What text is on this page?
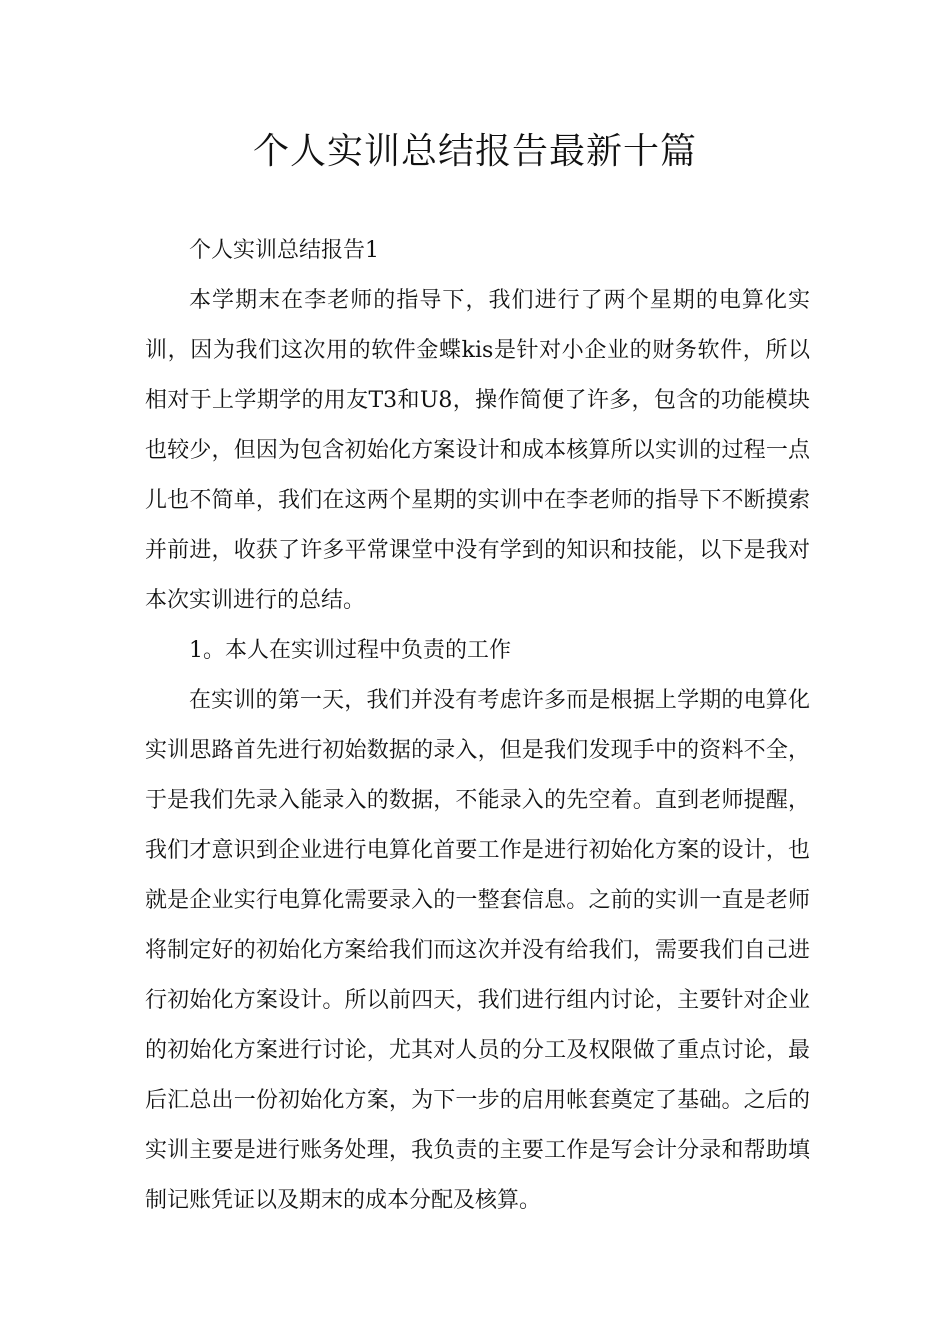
个人实训总结报告最新十篇

个人实训总结报告1

本学期末在李老师的指导下，我们进行了两个星期的电算化实训，因为我们这次用的软件金蝶kis是针对小企业的财务软件，所以相对于上学期学的用友T3和U8，操作简便了许多，包含的功能模块也较少，但因为包含初始化方案设计和成本核算所以实训的过程一点儿也不简单，我们在这两个星期的实训中在李老师的指导下不断摸索并前进，收获了许多平常课堂中没有学到的知识和技能，以下是我对本次实训进行的总结。

1。本人在实训过程中负责的工作

在实训的第一天，我们并没有考虑许多而是根据上学期的电算化实训思路首先进行初始数据的录入，但是我们发现手中的资料不全，于是我们先录入能录入的数据，不能录入的先空着。直到老师提醒，我们才意识到企业进行电算化首要工作是进行初始化方案的设计，也就是企业实行电算化需要录入的一整套信息。之前的实训一直是老师将制定好的初始化方案给我们而这次并没有给我们，需要我们自己进行初始化方案设计。所以前四天，我们进行组内讨论，主要针对企业的初始化方案进行讨论，尤其对人员的分工及权限做了重点讨论，最后汇总出一份初始化方案，为下一步的启用帐套奠定了基础。之后的实训主要是进行账务处理，我负责的主要工作是写会计分录和帮助填制记账凭证以及期末的成本分配及核算。
